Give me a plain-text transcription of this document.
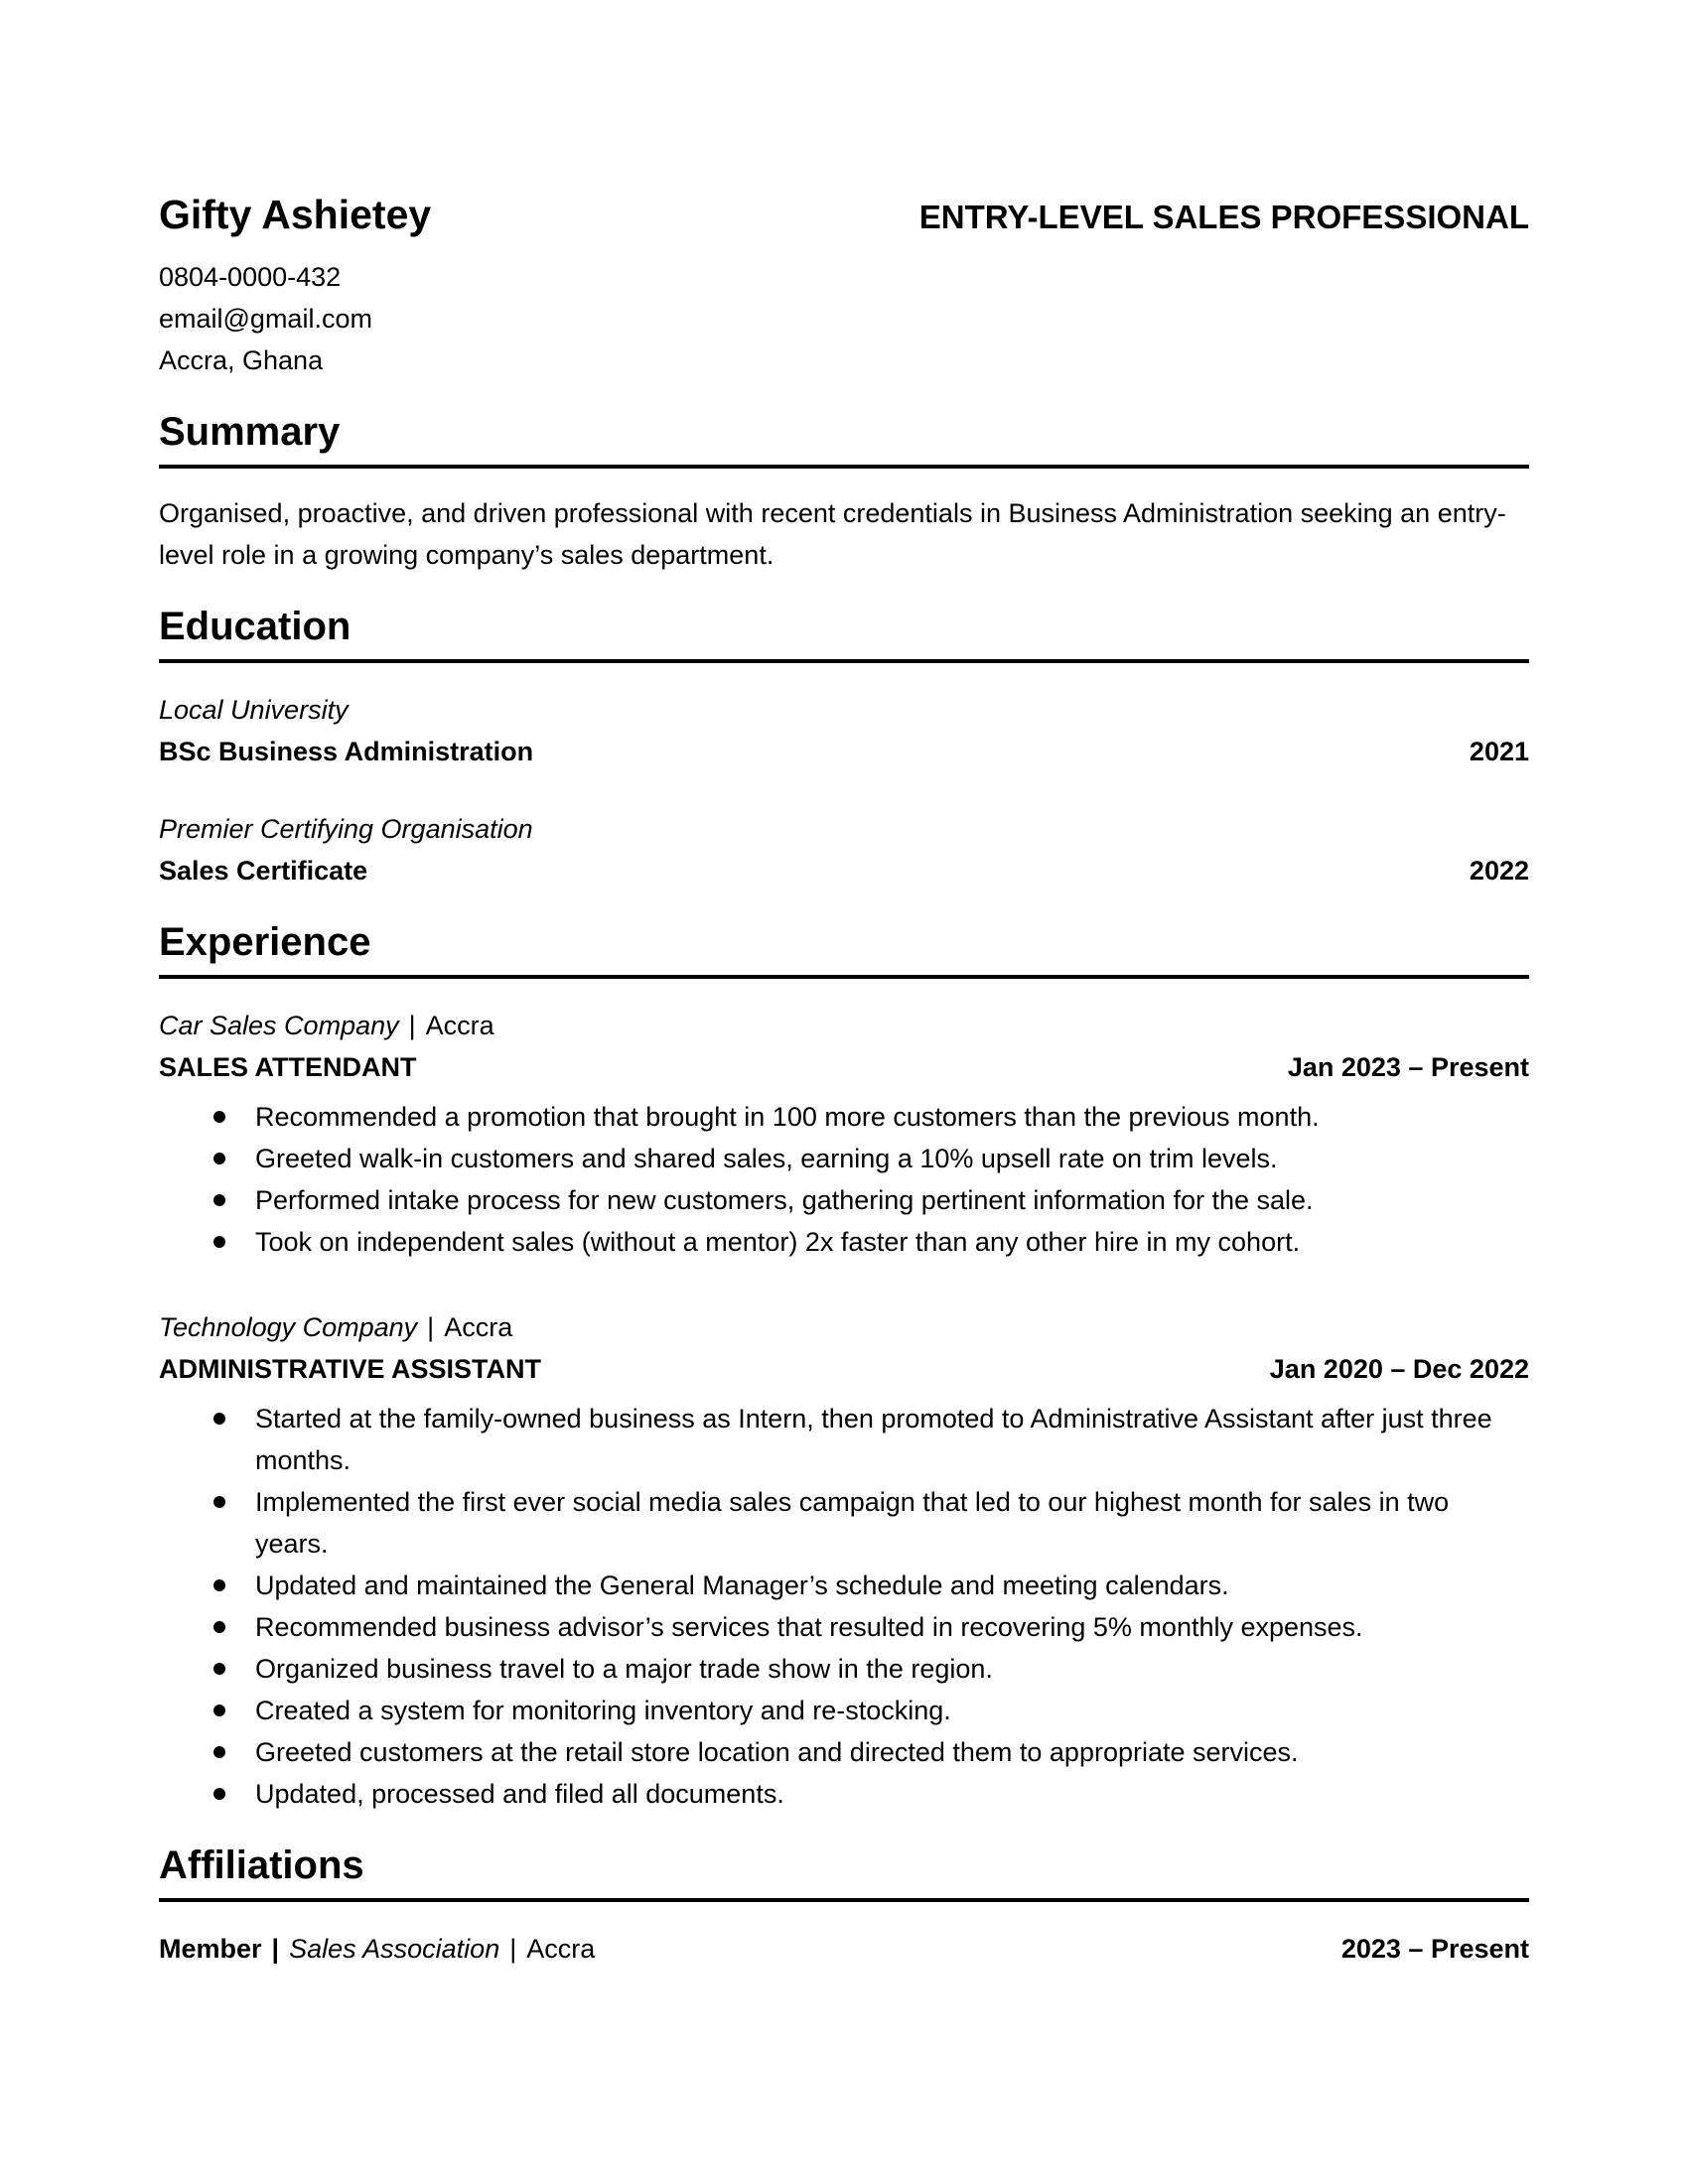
Gifty Ashietey	ENTRY-LEVEL SALES PROFESSIONAL
0804-0000-432
email@gmail.com
Accra, Ghana
Summary

Organised, proactive, and driven professional with recent credentials in Business Administration seeking an entry-level role in a growing company’s sales department.

Education
Local University
BSc Business Administration	2021
Premier Certifying Organisation
Sales Certificate	2022
Experience
Car Sales Company | Accra
SALES ATTENDANT	Jan 2023 – Present
Recommended a promotion that brought in 100 more customers than the previous month.
Greeted walk-in customers and shared sales, earning a 10% upsell rate on trim levels.
Performed intake process for new customers, gathering pertinent information for the sale.
Took on independent sales (without a mentor) 2x faster than any other hire in my cohort.
Technology Company | Accra
ADMINISTRATIVE ASSISTANT	Jan 2020 – Dec 2022
Started at the family-owned business as Intern, then promoted to Administrative Assistant after just three months.
Implemented the first ever social media sales campaign that led to our highest month for sales in two years.
Updated and maintained the General Manager’s schedule and meeting calendars.
Recommended business advisor’s services that resulted in recovering 5% monthly expenses.
Organized business travel to a major trade show in the region.
Created a system for monitoring inventory and re-stocking.
Greeted customers at the retail store location and directed them to appropriate services.
Updated, processed and filed all documents.
Affiliations
Member | Sales Association | Accra	2023 – Present
